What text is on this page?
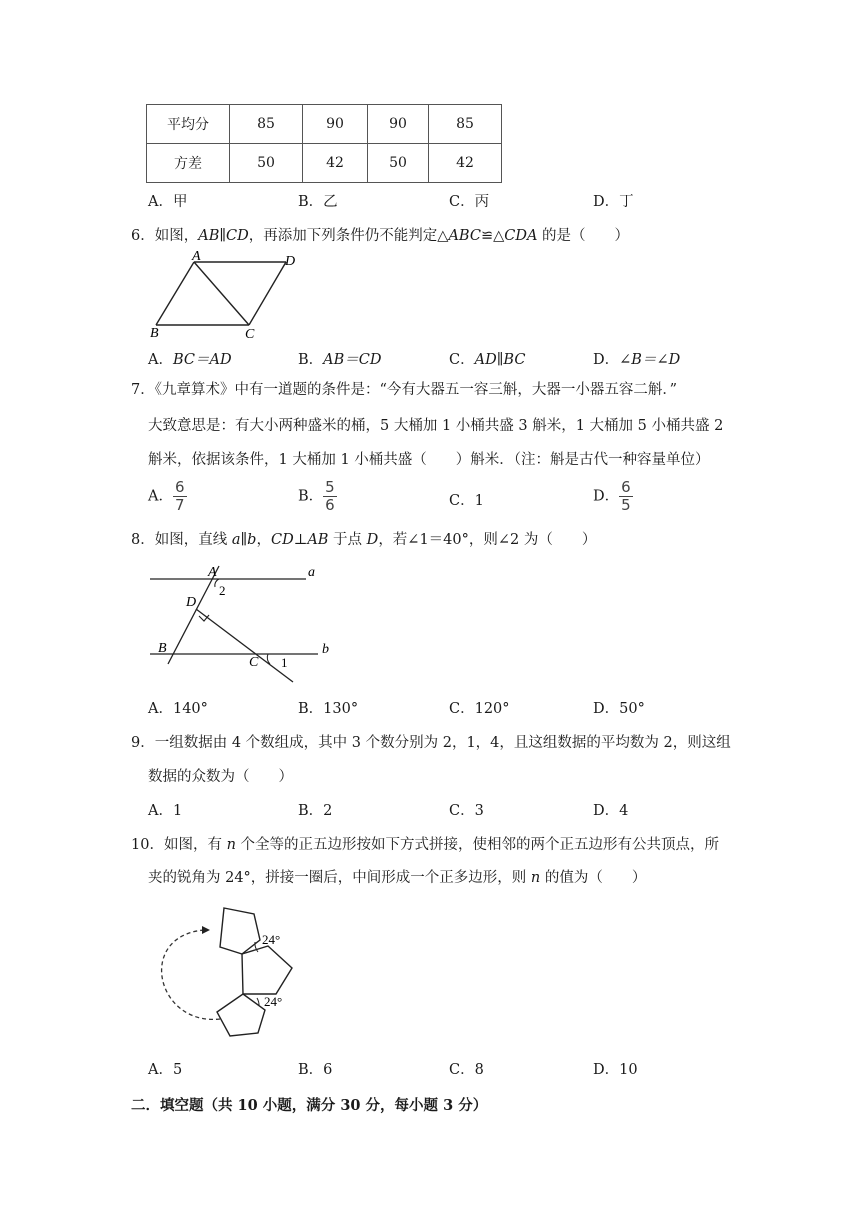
平均分	85	90	90	85
方差	50	42	50	42
A．甲	B．乙	C．丙	D．丁
6．如图，AB∥CD，再添加下列条件仍不能判定△ABC≌△CDA 的是（　　）
A	D
B	C
A．BC＝AD	B．AB＝CD	C．AD∥BC	D．∠B＝∠D
7．《九章算术》中有一道题的条件是：“今有大器五一容三斛，大器一小器五容二斛．”
大致意思是：有大小两种盛米的桶，5 大桶加 1 小桶共盛 3 斛米，1 大桶加 5 小桶共盛 2
斛米，依据该条件，1 大桶加 1 小桶共盛（　　）斛米．（注：斛是古代一种容量单位）
A． $\frac{6}{7}$	B． $\frac{5}{6}$	C．1	D． $\frac{6}{5}$
8．如图，直线 a∥b，CD⊥AB 于点 D，若∠1＝40°，则∠2 为（　　）
A	a
2
D
B
C 1
b
A．140°	B．130°	C．120°	D．50°
9．一组数据由 4 个数组成，其中 3 个数分别为 2，1，4，且这组数据的平均数为 2，则这组
数据的众数为（　　）
A．1	B．2	C．3	D．4
10．如图，有 n 个全等的正五边形按如下方式拼接，使相邻的两个正五边形有公共顶点，所
夹的锐角为 24°，拼接一圈后，中间形成一个正多边形，则 n 的值为（　　）
24°
24°
A．5	B．6	C．8	D．10
二．填空题（共 10 小题，满分 30 分，每小题 3 分）
